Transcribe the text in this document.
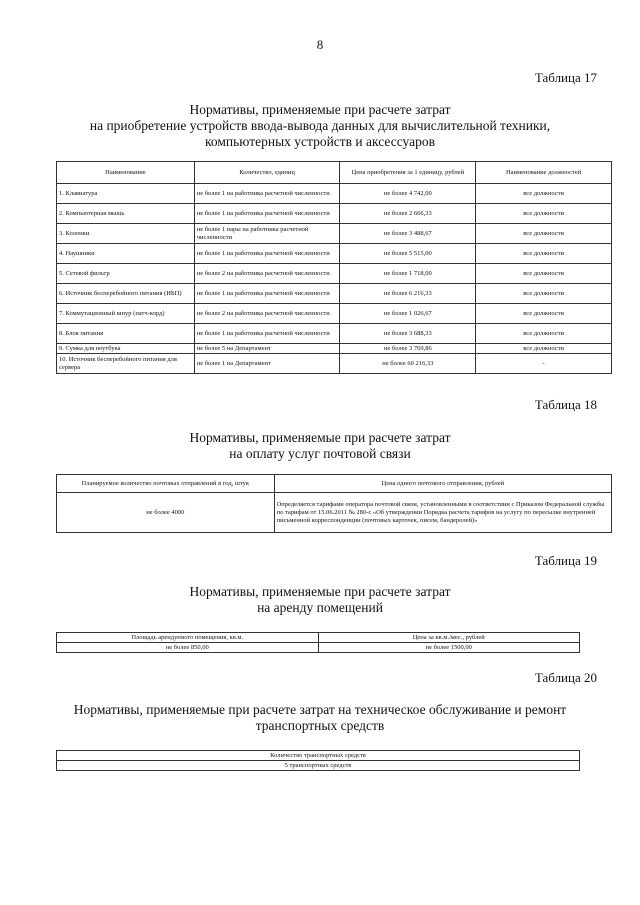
8
Таблица 17
Нормативы, применяемые при расчете затрат
на приобретение устройств ввода-вывода данных для вычислительной техники,
компьютерных устройств и аксессуаров
Наименование	Количество, единиц	Цена приобретения за 1 единицу, рублей	Наименование должностей
1. Клавиатура	не более 1 на работника расчетной численности	не более 4 742,00	все должности
2. Компьютерная мышь	не более 1 на работника расчетной численности	не более 2 666,33	все должности
3. Колонки	не более 1 пары на работника расчетной численности	не более 3 488,67	все должности
4. Наушники	не более 1 на работника расчетной численности	не более 5 515,00	все должности
5. Сетевой фильтр	не более 2 на работника расчетной численности	не более 1 718,00	все должности
6. Источник бесперебойного питания (ИБП)	не более 1 на работника расчетной численности	не более 6 216,33	все должности
7. Коммутационный шнур (патч-корд)	не более 2 на работника расчетной численности	не более 1 026,67	все должности
8. Блок питания	не более 1 на работника расчетной численности	не более 3 688,33	все должности
9. Сумка для ноутбука	не более 5 на Департамент	не более 3 769,86	все должности
10. Источник бесперебойного питания для сервера	не более 1 на Департамент	не более 60 216,33	-
Таблица 18
Нормативы, применяемые при расчете затрат
на оплату услуг почтовой связи
Планируемое количество почтовых отправлений в год, штук	Цена одного почтового отправления, рублей
не более 4000	Определяется тарифами оператора почтовой связи, установленными в соответствии с Приказом Федеральной службы по тарифам от 15.06.2011 № 280-с «Об утверждении Порядка расчета тарифов на услугу по пересылке внутренней письменной корреспонденции (почтовых карточек, писем, бандеролей)»
Таблица 19
Нормативы, применяемые при расчете затрат
на аренду помещений
Площадь арендуемого помещения, кв.м.	Цена за кв.м./мес., рублей
не более 850,00	не более 1500,00
Таблица 20
Нормативы, применяемые при расчете затрат на техническое обслуживание и ремонт
транспортных средств
Количество транспортных средств
5 транспортных средств
